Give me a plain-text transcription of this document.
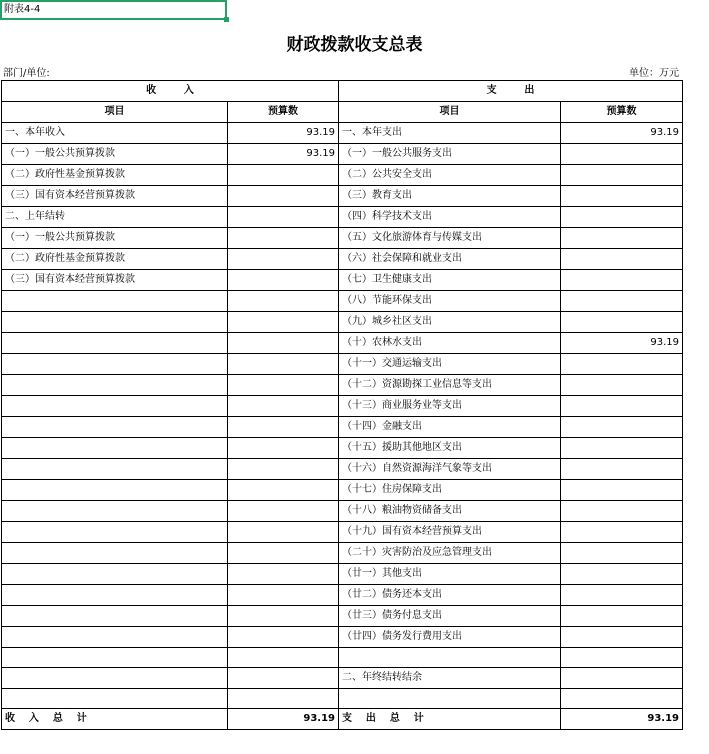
附表4-4
财政拨款收支总表
部门/单位:	单位：万元
收        入		支        出	
项目	预算数	项目	预算数
一、本年收入	93.19	一、本年支出	93.19
（一）一般公共预算拨款	93.19	（一）一般公共服务支出	
（二）政府性基金预算拨款		（二）公共安全支出	
（三）国有资本经营预算拨款		（三）教育支出	
二、上年结转		（四）科学技术支出	
（一）一般公共预算拨款		（五）文化旅游体育与传媒支出	
（二）政府性基金预算拨款		（六）社会保障和就业支出	
（三）国有资本经营预算拨款		（七）卫生健康支出	
		（八）节能环保支出	
		（九）城乡社区支出	
		（十）农林水支出	93.19
		（十一）交通运输支出	
		（十二）资源勘探工业信息等支出	
		（十三）商业服务业等支出	
		（十四）金融支出	
		（十五）援助其他地区支出	
		（十六）自然资源海洋气象等支出	
		（十七）住房保障支出	
		（十八）粮油物资储备支出	
		（十九）国有资本经营预算支出	
		（二十）灾害防治及应急管理支出	
		（廿一）其他支出	
		（廿二）债务还本支出	
		（廿三）债务付息支出	
		（廿四）债务发行费用支出	

		二、年终结转结余	

收    入    总    计	93.19	支    出    总    计	93.19
